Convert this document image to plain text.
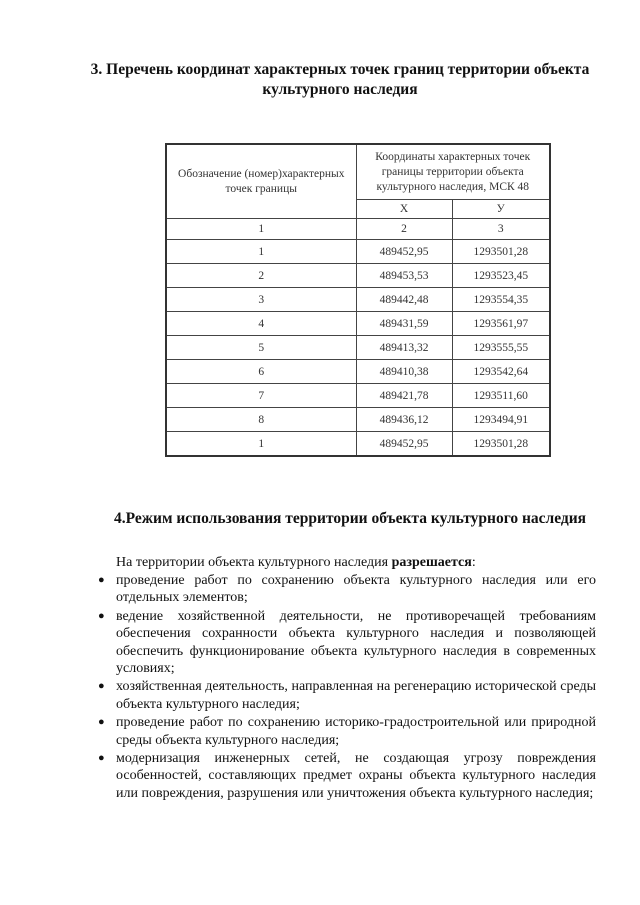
3. Перечень координат характерных точек границ территории объекта
культурного наследия
Обозначение (номер)характерных точек границы	Координаты характерных точек границы территории объекта культурного наследия, МСК 48	
	X	У
1	2	3
1	489452,95	1293501,28
2	489453,53	1293523,45
3	489442,48	1293554,35
4	489431,59	1293561,97
5	489413,32	1293555,55
6	489410,38	1293542,64
7	489421,78	1293511,60
8	489436,12	1293494,91
1	489452,95	1293501,28
4.Режим использования территории объекта культурного наследия
На территории объекта культурного наследия разрешается:
● проведение работ по сохранению объекта культурного наследия или его отдельных элементов;
● ведение хозяйственной деятельности, не противоречащей требованиям обеспечения сохранности объекта культурного наследия и позволяющей обеспечить функционирование объекта культурного наследия в современных условиях;
● хозяйственная деятельность, направленная на регенерацию исторической среды объекта культурного наследия;
● проведение работ по сохранению историко-градостроительной или природной среды объекта культурного наследия;
● модернизация инженерных сетей, не создающая угрозу повреждения особенностей, составляющих предмет охраны объекта культурного наследия или повреждения, разрушения или уничтожения объекта культурного наследия;
